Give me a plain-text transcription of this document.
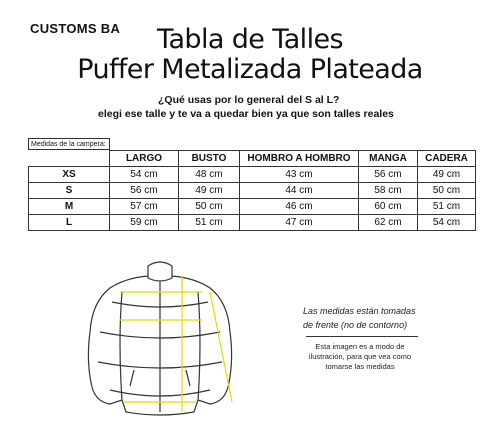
CUSTOMS BA	Tabla de Talles
Puffer Metalizada Plateada
¿Qué usas por lo general del S al L?
elegi ese talle y te va a quedar bien ya que son talles reales
Medidas de la campera:
	LARGO	BUSTO	HOMBRO A HOMBRO	MANGA	CADERA
XS	54 cm	48 cm	43 cm	56 cm	49 cm
S	56 cm	49 cm	44 cm	58 cm	50 cm
M	57 cm	50 cm	46 cm	60 cm	51 cm
L	59 cm	51 cm	47 cm	62 cm	54 cm
Las medidas están tomadas
de frente (no de contorno)
Esta imagen es a modo de
ilustración, para que vea como
tomarse las medidas
